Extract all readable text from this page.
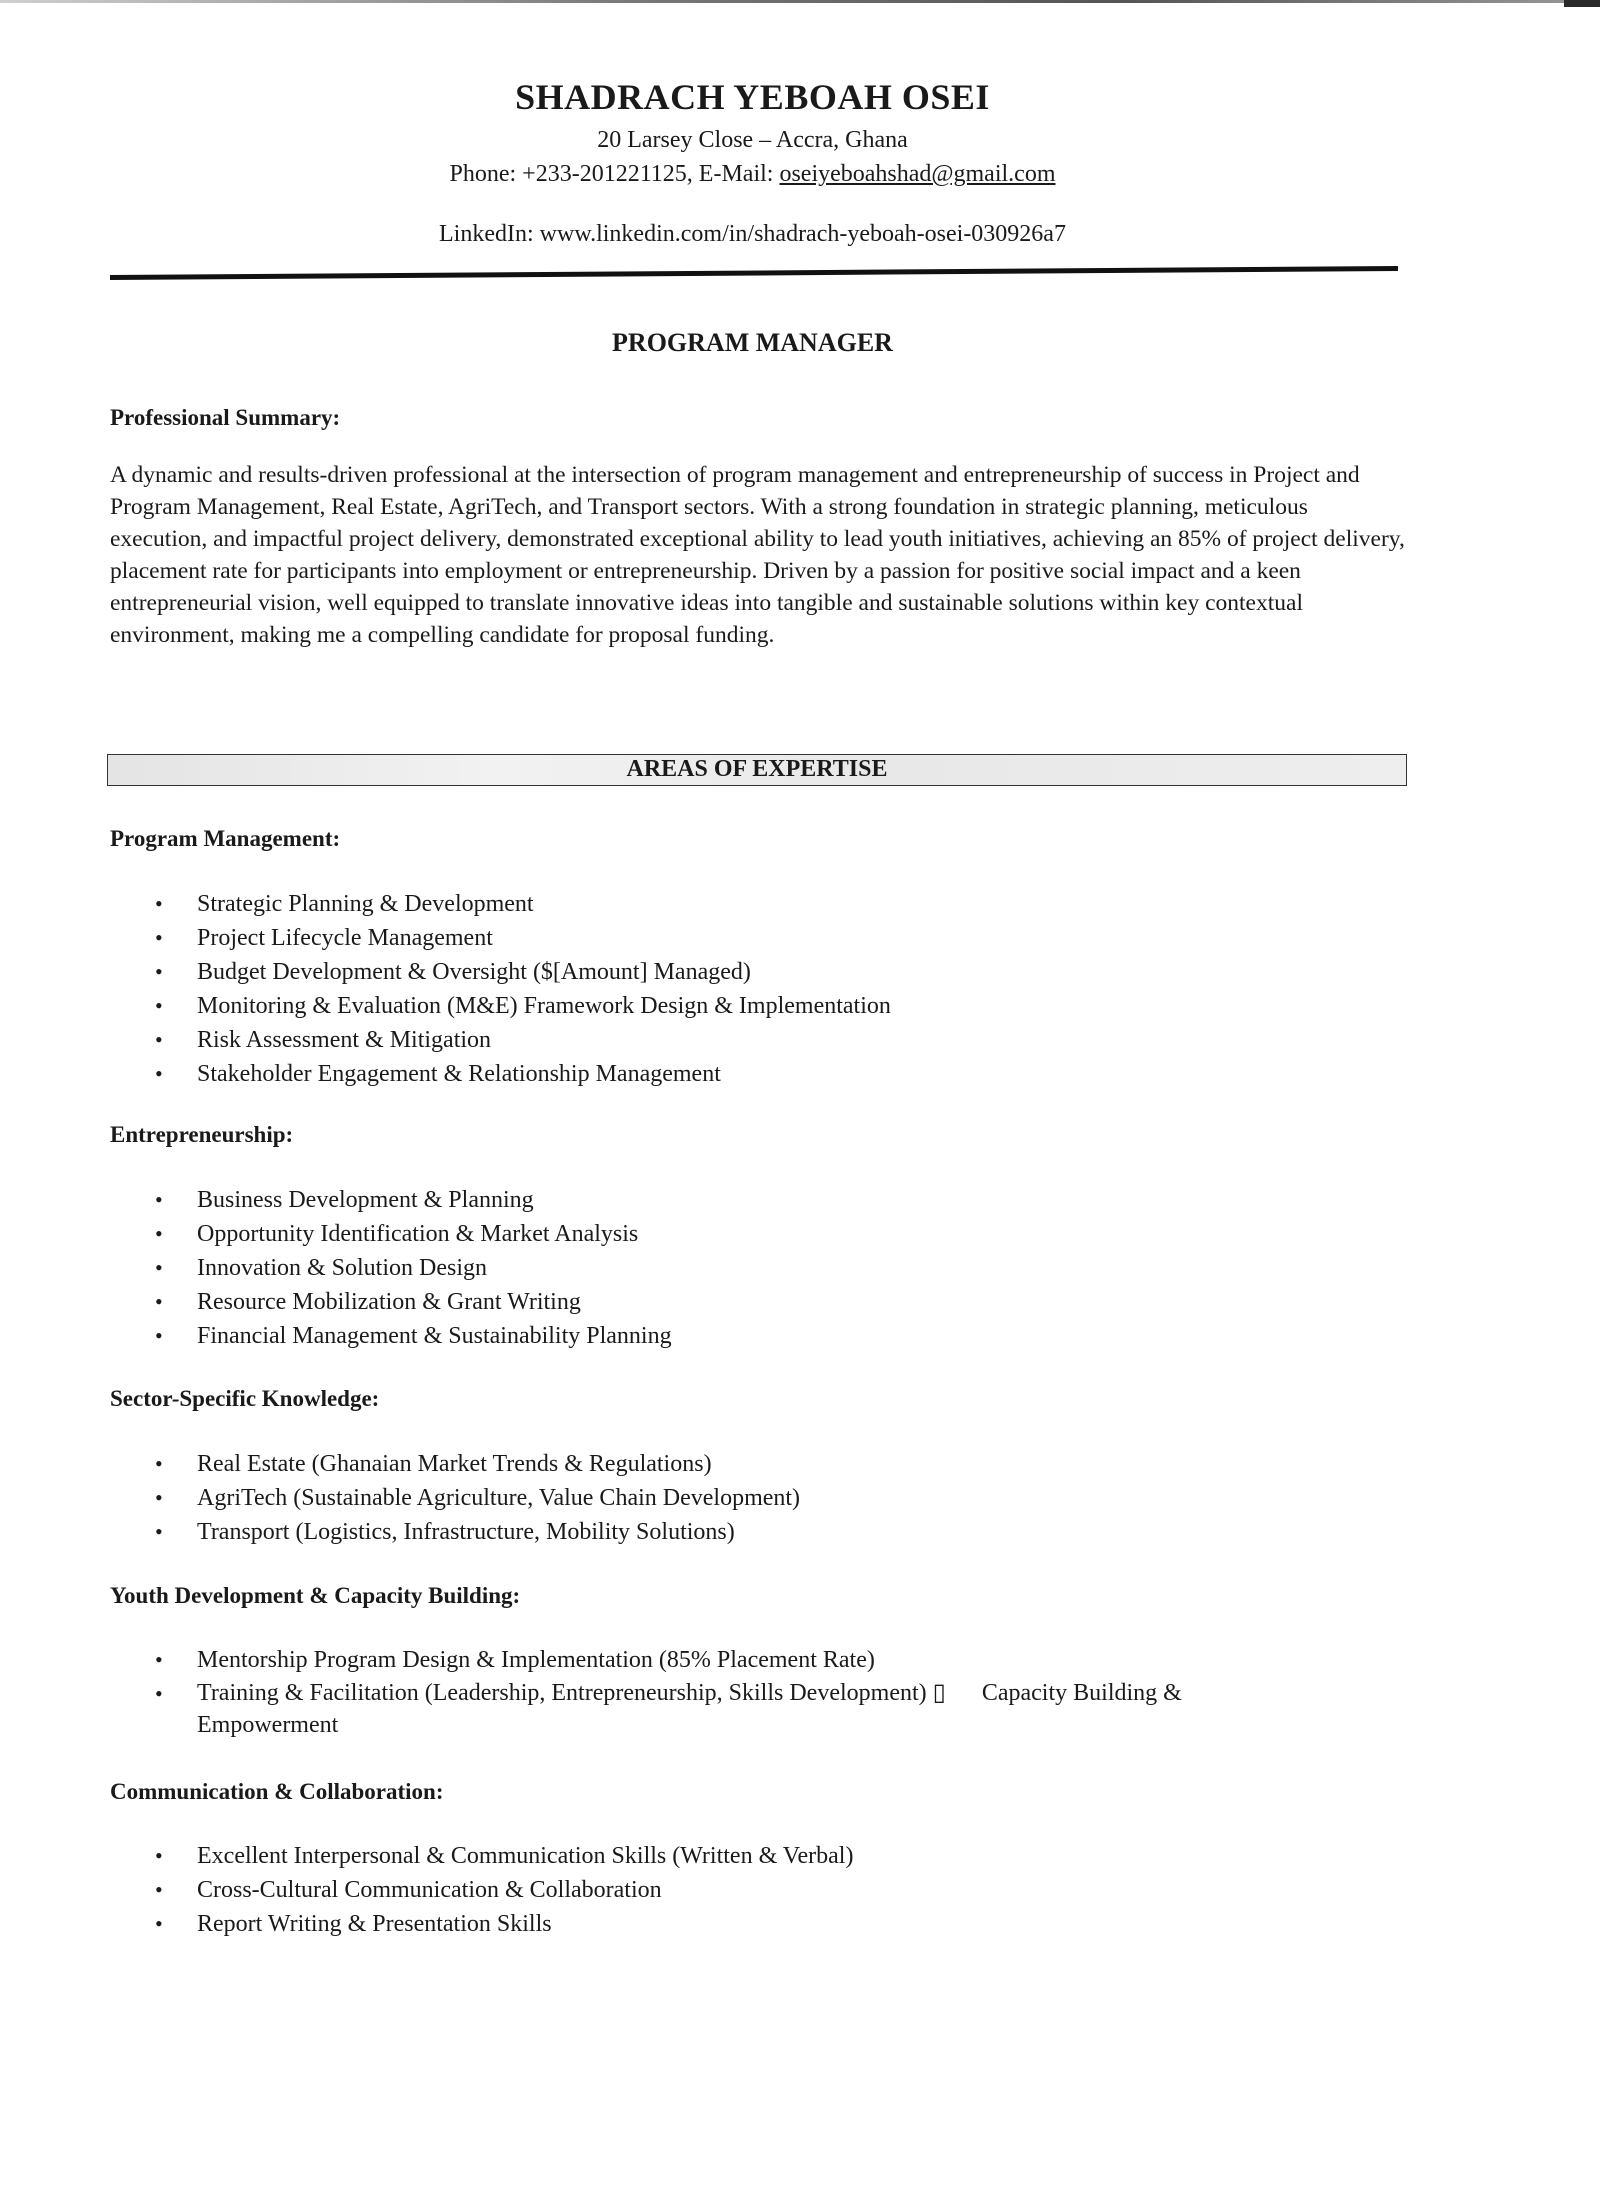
SHADRACH YEBOAH OSEI
20 Larsey Close – Accra, Ghana
Phone: +233-201221125, E-Mail: oseiyeboahshad@gmail.com
LinkedIn: www.linkedin.com/in/shadrach-yeboah-osei-030926a7
PROGRAM MANAGER
Professional Summary:

A dynamic and results-driven professional at the intersection of program management and entrepreneurship of success in Project and Program Management, Real Estate, AgriTech, and Transport sectors. With a strong foundation in strategic planning, meticulous execution, and impactful project delivery, demonstrated exceptional ability to lead youth initiatives, achieving an 85% of project delivery, placement rate for participants into employment or entrepreneurship. Driven by a passion for positive social impact and a keen entrepreneurial vision, well equipped to translate innovative ideas into tangible and sustainable solutions within key contextual environment, making me a compelling candidate for proposal funding.

AREAS OF EXPERTISE
Program Management:
• Strategic Planning & Development
• Project Lifecycle Management
• Budget Development & Oversight ($[Amount] Managed)
• Monitoring & Evaluation (M&E) Framework Design & Implementation
• Risk Assessment & Mitigation
• Stakeholder Engagement & Relationship Management
Entrepreneurship:
• Business Development & Planning
• Opportunity Identification & Market Analysis
• Innovation & Solution Design
• Resource Mobilization & Grant Writing
• Financial Management & Sustainability Planning
Sector-Specific Knowledge:
• Real Estate (Ghanaian Market Trends & Regulations)
• AgriTech (Sustainable Agriculture, Value Chain Development)
• Transport (Logistics, Infrastructure, Mobility Solutions)
Youth Development & Capacity Building:
• Mentorship Program Design & Implementation (85% Placement Rate)
• Training & Facilitation (Leadership, Entrepreneurship, Skills Development) ▯ Capacity Building &
Empowerment
Communication & Collaboration:
• Excellent Interpersonal & Communication Skills (Written & Verbal)
• Cross-Cultural Communication & Collaboration
• Report Writing & Presentation Skills
